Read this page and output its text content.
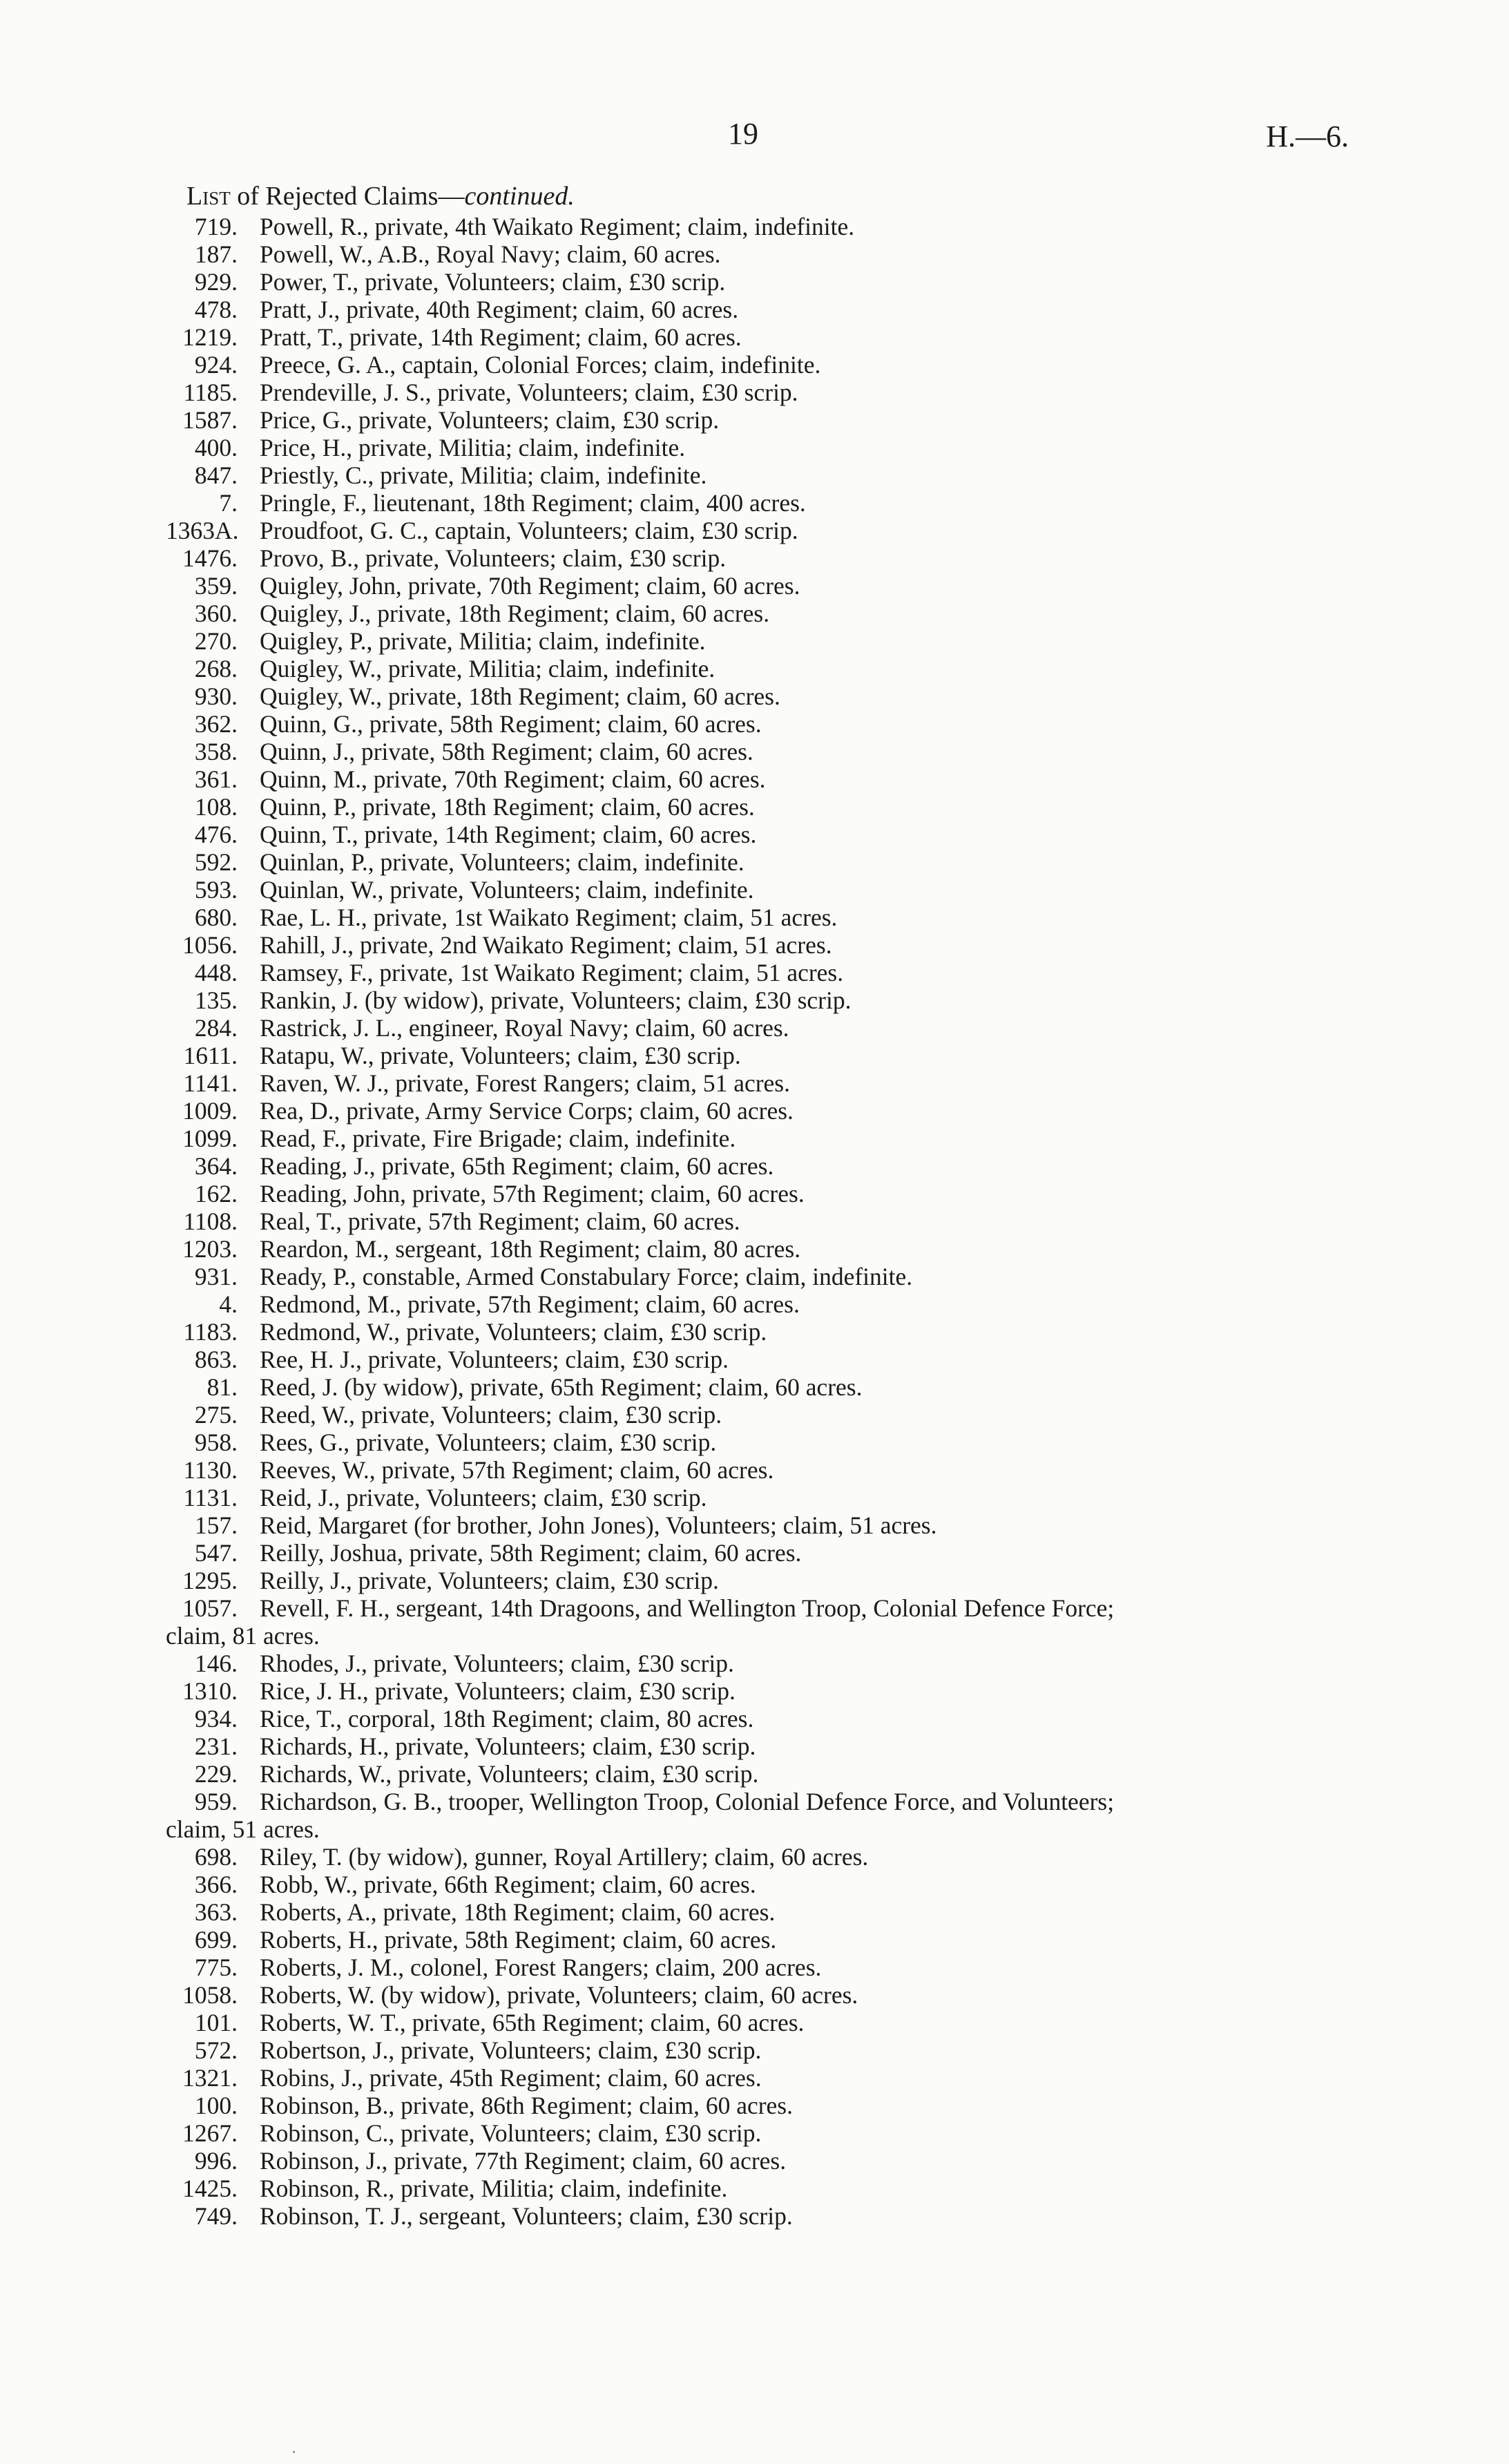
19	H.—6.
List of Rejected Claims—continued.
719. Powell, R., private, 4th Waikato Regiment; claim, indefinite.
187. Powell, W., A.B., Royal Navy; claim, 60 acres.
929. Power, T., private, Volunteers; claim, £30 scrip.
478. Pratt, J., private, 40th Regiment; claim, 60 acres.
1219. Pratt, T., private, 14th Regiment; claim, 60 acres.
924. Preece, G. A., captain, Colonial Forces; claim, indefinite.
1185. Prendeville, J. S., private, Volunteers; claim, £30 scrip.
1587. Price, G., private, Volunteers; claim, £30 scrip.
400. Price, H., private, Militia; claim, indefinite.
847. Priestly, C., private, Militia; claim, indefinite.
7. Pringle, F., lieutenant, 18th Regiment; claim, 400 acres.
1363A. Proudfoot, G. C., captain, Volunteers; claim, £30 scrip.
1476. Provo, B., private, Volunteers; claim, £30 scrip.
359. Quigley, John, private, 70th Regiment; claim, 60 acres.
360. Quigley, J., private, 18th Regiment; claim, 60 acres.
270. Quigley, P., private, Militia; claim, indefinite.
268. Quigley, W., private, Militia; claim, indefinite.
930. Quigley, W., private, 18th Regiment; claim, 60 acres.
362. Quinn, G., private, 58th Regiment; claim, 60 acres.
358. Quinn, J., private, 58th Regiment; claim, 60 acres.
361. Quinn, M., private, 70th Regiment; claim, 60 acres.
108. Quinn, P., private, 18th Regiment; claim, 60 acres.
476. Quinn, T., private, 14th Regiment; claim, 60 acres.
592. Quinlan, P., private, Volunteers; claim, indefinite.
593. Quinlan, W., private, Volunteers; claim, indefinite.
680. Rae, L. H., private, 1st Waikato Regiment; claim, 51 acres.
1056. Rahill, J., private, 2nd Waikato Regiment; claim, 51 acres.
448. Ramsey, F., private, 1st Waikato Regiment; claim, 51 acres.
135. Rankin, J. (by widow), private, Volunteers; claim, £30 scrip.
284. Rastrick, J. L., engineer, Royal Navy; claim, 60 acres.
1611. Ratapu, W., private, Volunteers; claim, £30 scrip.
1141. Raven, W. J., private, Forest Rangers; claim, 51 acres.
1009. Rea, D., private, Army Service Corps; claim, 60 acres.
1099. Read, F., private, Fire Brigade; claim, indefinite.
364. Reading, J., private, 65th Regiment; claim, 60 acres.
162. Reading, John, private, 57th Regiment; claim, 60 acres.
1108. Real, T., private, 57th Regiment; claim, 60 acres.
1203. Reardon, M., sergeant, 18th Regiment; claim, 80 acres.
931. Ready, P., constable, Armed Constabulary Force; claim, indefinite.
4. Redmond, M., private, 57th Regiment; claim, 60 acres.
1183. Redmond, W., private, Volunteers; claim, £30 scrip.
863. Ree, H. J., private, Volunteers; claim, £30 scrip.
81. Reed, J. (by widow), private, 65th Regiment; claim, 60 acres.
275. Reed, W., private, Volunteers; claim, £30 scrip.
958. Rees, G., private, Volunteers; claim, £30 scrip.
1130. Reeves, W., private, 57th Regiment; claim, 60 acres.
1131. Reid, J., private, Volunteers; claim, £30 scrip.
157. Reid, Margaret (for brother, John Jones), Volunteers; claim, 51 acres.
547. Reilly, Joshua, private, 58th Regiment; claim, 60 acres.
1295. Reilly, J., private, Volunteers; claim, £30 scrip.
1057. Revell, F. H., sergeant, 14th Dragoons, and Wellington Troop, Colonial Defence Force;
claim, 81 acres.
146. Rhodes, J., private, Volunteers; claim, £30 scrip.
1310. Rice, J. H., private, Volunteers; claim, £30 scrip.
934. Rice, T., corporal, 18th Regiment; claim, 80 acres.
231. Richards, H., private, Volunteers; claim, £30 scrip.
229. Richards, W., private, Volunteers; claim, £30 scrip.
959. Richardson, G. B., trooper, Wellington Troop, Colonial Defence Force, and Volunteers;
claim, 51 acres.
698. Riley, T. (by widow), gunner, Royal Artillery; claim, 60 acres.
366. Robb, W., private, 66th Regiment; claim, 60 acres.
363. Roberts, A., private, 18th Regiment; claim, 60 acres.
699. Roberts, H., private, 58th Regiment; claim, 60 acres.
775. Roberts, J. M., colonel, Forest Rangers; claim, 200 acres.
1058. Roberts, W. (by widow), private, Volunteers; claim, 60 acres.
101. Roberts, W. T., private, 65th Regiment; claim, 60 acres.
572. Robertson, J., private, Volunteers; claim, £30 scrip.
1321. Robins, J., private, 45th Regiment; claim, 60 acres.
100. Robinson, B., private, 86th Regiment; claim, 60 acres.
1267. Robinson, C., private, Volunteers; claim, £30 scrip.
996. Robinson, J., private, 77th Regiment; claim, 60 acres.
1425. Robinson, R., private, Militia; claim, indefinite.
749. Robinson, T. J., sergeant, Volunteers; claim, £30 scrip.
